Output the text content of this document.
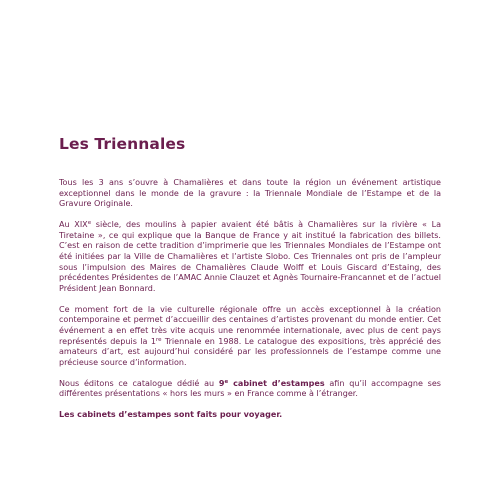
Les Triennales

Tous les 3 ans s’ouvre à Chamalières et dans toute la région un événement artistique exceptionnel dans le monde de la gravure : la Triennale Mondiale de l’Estampe et de la Gravure Originale.

Au XIXe siècle, des moulins à papier avaient été bâtis à Chamalières sur la rivière « La Tiretaine », ce qui explique que la Banque de France y ait institué la fabrication des billets. C’est en raison de cette tradition d’imprimerie que les Triennales Mondiales de l’Estampe ont été initiées par la Ville de Chamalières et l’artiste Slobo. Ces Triennales ont pris de l’ampleur sous l’impulsion des Maires de Chamalières Claude Wolff et Louis Giscard d’Estaing, des précédentes Présidentes de l’AMAC Annie Clauzet et Agnès Tournaire-Francannet et de l’actuel Président Jean Bonnard.

Ce moment fort de la vie culturelle régionale offre un accès exceptionnel à la création contemporaine et permet d’accueillir des centaines d’artistes provenant du monde entier. Cet événement a en effet très vite acquis une renommée internationale, avec plus de cent pays représentés depuis la 1re Triennale en 1988. Le catalogue des expositions, très apprécié des amateurs d’art, est aujourd’hui considéré par les professionnels de l’estampe comme une précieuse source d’information.

Nous éditons ce catalogue dédié au 9e cabinet d’estampes afin qu’il accompagne ses différentes présentations « hors les murs » en France comme à l’étranger.

Les cabinets d’estampes sont faits pour voyager.
